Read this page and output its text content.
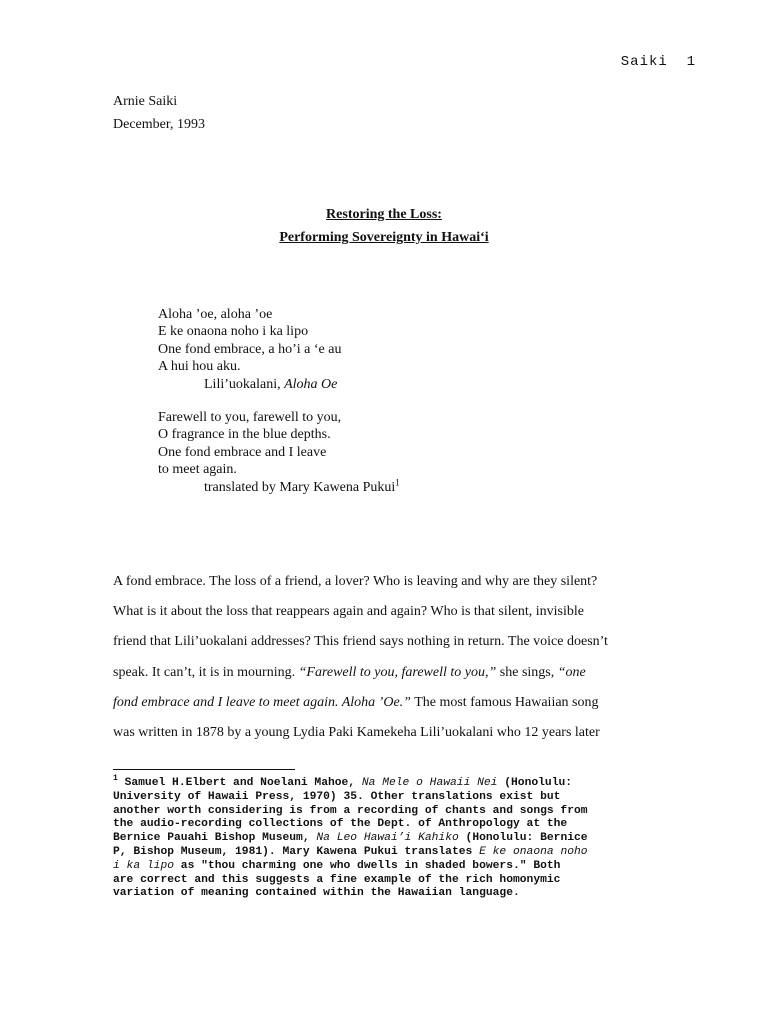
Saiki  1
Arnie Saiki
December, 1993
Restoring the Loss:
Performing Sovereignty in Hawai‘i
Aloha ’oe, aloha ’oe
E ke onaona noho i ka lipo
One fond embrace, a ho’i a ‘e au
A hui hou aku.
Lili’uokalani, Aloha Oe
Farewell to you, farewell to you,
O fragrance in the blue depths.
One fond embrace and I leave
to meet again.
translated by Mary Kawena Pukui$^1$
A fond embrace. The loss of a friend, a lover? Who is leaving and why are they silent?
What is it about the loss that reappears again and again? Who is that silent, invisible
friend that Lili’uokalani addresses? This friend says nothing in return. The voice doesn’t
speak. It can’t, it is in mourning. “Farewell to you, farewell to you,” she sings, “one
fond embrace and I leave to meet again. Aloha ’Oe.” The most famous Hawaiian song
was written in 1878 by a young Lydia Paki Kamekeha Lili’uokalani who 12 years later
$^1$ Samuel H.Elbert and Noelani Mahoe, Na Mele o Hawaii Nei (Honolulu:
University of Hawaii Press, 1970) 35. Other translations exist but
another worth considering is from a recording of chants and songs from
the audio-recording collections of the Dept. of Anthropology at the
Bernice Pauahi Bishop Museum, Na Leo Hawai’i Kahiko (Honolulu: Bernice
P, Bishop Museum, 1981). Mary Kawena Pukui translates E ke onaona noho
i ka lipo as "thou charming one who dwells in shaded bowers." Both
are correct and this suggests a fine example of the rich homonymic
variation of meaning contained within the Hawaiian language.
